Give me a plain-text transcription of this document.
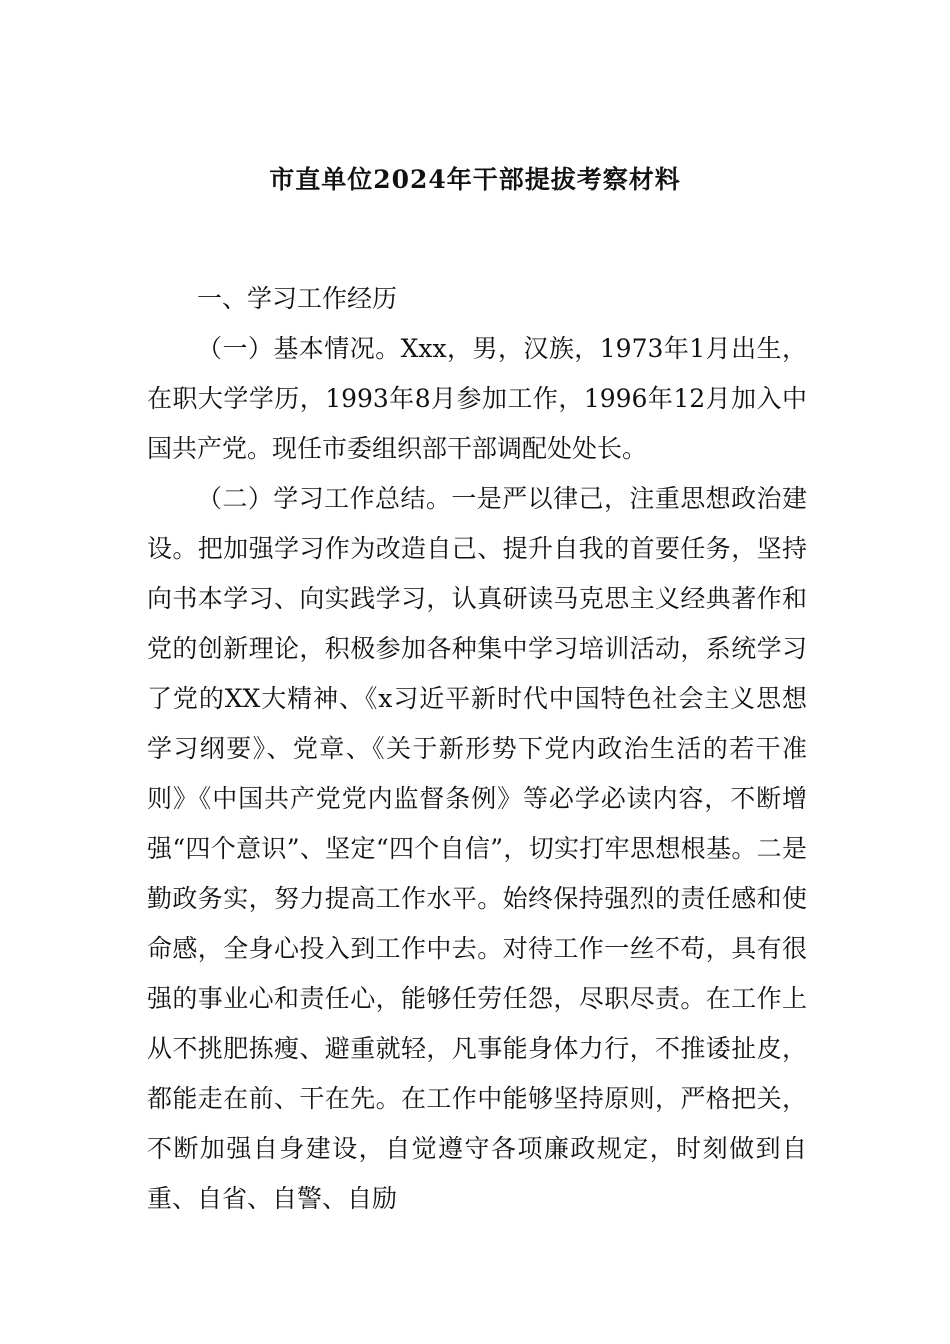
市直单位2024年干部提拔考察材料

一、学习工作经历

（一）基本情况。Xxx，男，汉族，1973年1月出生，在职大学学历，1993年8月参加工作，1996年12月加入中国共产党。现任市委组织部干部调配处处长。

（二）学习工作总结。一是严以律己，注重思想政治建设。把加强学习作为改造自己、提升自我的首要任务，坚持向书本学习、向实践学习，认真研读马克思主义经典著作和党的创新理论，积极参加各种集中学习培训活动，系统学习了党的XX大精神、《x习近平新时代中国特色社会主义思想学习纲要》、党章、《关于新形势下党内政治生活的若干准则》《中国共产党党内监督条例》等必学必读内容，不断增强“四个意识”、坚定“四个自信”，切实打牢思想根基。二是勤政务实，努力提高工作水平。始终保持强烈的责任感和使命感，全身心投入到工作中去。对待工作一丝不苟，具有很强的事业心和责任心，能够任劳任怨，尽职尽责。在工作上从不挑肥拣瘦、避重就轻，凡事能身体力行，不推诿扯皮，都能走在前、干在先。在工作中能够坚持原则，严格把关，不断加强自身建设，自觉遵守各项廉政规定，时刻做到自重、自省、自警、自励
